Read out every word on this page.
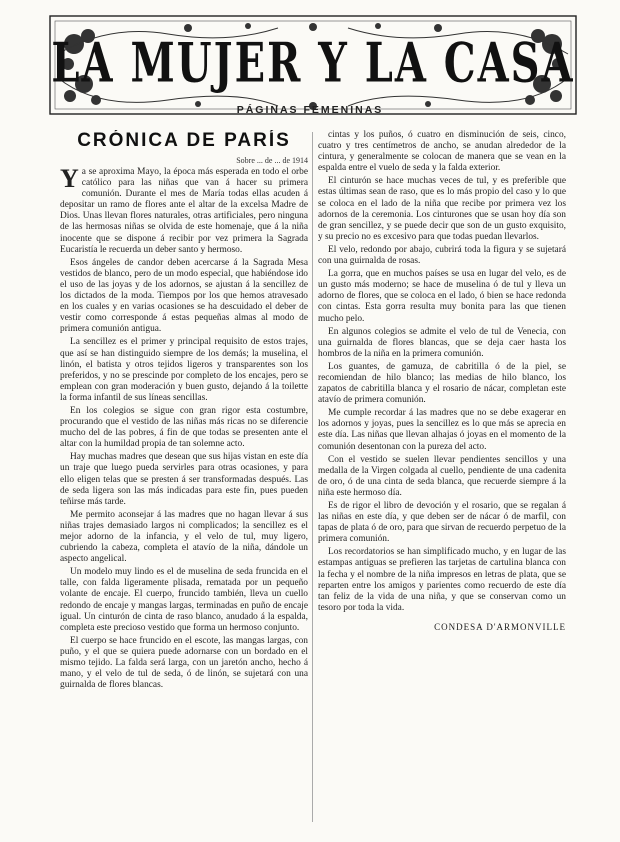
LA MUJER Y LA CASA
PÁGINAS FEMENINAS
CRÓNICA DE PARÍS
Sobre ... de ... de 1914

Ya se aproxima Mayo, la época más esperada en todo el orbe católico para las niñas que van á hacer su primera comunión. Durante el mes de María todas ellas acuden á depositar un ramo de flores ante el altar de la excelsa Madre de Dios. Unas llevan flores naturales, otras artificiales, pero ninguna de las hermosas niñas se olvida de este homenaje, que á la niña inocente que se dispone á recibir por vez primera la Sagrada Eucaristía le recuerda un deber santo y hermoso.

Esos ángeles de candor deben acercarse á la Sagrada Mesa vestidos de blanco, pero de un modo especial, que habiéndose ido el uso de las joyas y de los adornos, se ajustan á la sencillez de los dictados de la moda. Tiempos por los que hemos atravesado en los cuales y en varias ocasiones se ha descuidado el deber de vestir como corresponde á estas pequeñas almas al modo de primera comunión antigua.

La sencillez es el primer y principal requisito de estos trajes, que así se han distinguido siempre de los demás; la muselina, el linón, el batista y otros tejidos ligeros y transparentes son los preferidos, y no se prescinde por completo de los encajes, pero se emplean con gran moderación y buen gusto, dejando á la toilette la forma infantil de sus líneas sencillas.

En los colegios se sigue con gran rigor esta costumbre, procurando que el vestido de las niñas más ricas no se diferencie mucho del de las pobres, á fin de que todas se presenten ante el altar con la humildad propia de tan solemne acto.

Hay muchas madres que desean que sus hijas vistan en este día un traje que luego pueda servirles para otras ocasiones, y para ello eligen telas que se presten á ser transformadas después. Las de seda ligera son las más indicadas para este fin, pues pueden teñirse más tarde.

Me permito aconsejar á las madres que no hagan llevar á sus niñas trajes demasiado largos ni complicados; la sencillez es el mejor adorno de la infancia, y el velo de tul, muy ligero, cubriendo la cabeza, completa el atavío de la niña, dándole un aspecto angelical.

Un modelo muy lindo es el de muselina de seda fruncida en el talle, con falda ligeramente plisada, rematada por un pequeño volante de encaje. El cuerpo, fruncido también, lleva un cuello redondo de encaje y mangas largas, terminadas en puño de encaje igual. Un cinturón de cinta de raso blanco, anudado á la espalda, completa este precioso vestido que forma un hermoso conjunto.

El cuerpo se hace fruncido en el escote, las mangas largas, con puño, y el que se quiera puede adornarse con un bordado en el mismo tejido. La falda será larga, con un jaretón ancho, hecho á mano, y el velo de tul de seda, ó de linón, se sujetará con una guirnalda de flores blancas.

cintas y los puños, ó cuatro en disminución de seis, cinco, cuatro y tres centímetros de ancho, se anudan alrededor de la cintura, y generalmente se colocan de manera que se vean en la espalda entre el vuelo de seda y la falda exterior.

El cinturón se hace muchas veces de tul, y es preferible que estas últimas sean de raso, que es lo más propio del caso y lo que se coloca en el lado de la niña que recibe por primera vez los adornos de la ceremonia. Los cinturones que se usan hoy día son de gran sencillez, y se puede decir que son de un gusto exquisito, y su precio no es excesivo para que todas puedan llevarlos.

El velo, redondo por abajo, cubrirá toda la figura y se sujetará con una guirnalda de rosas.

La gorra, que en muchos países se usa en lugar del velo, es de un gusto más moderno; se hace de muselina ó de tul y lleva un adorno de flores, que se coloca en el lado, ó bien se hace redonda con cintas. Esta gorra resulta muy bonita para las que tienen mucho pelo.

En algunos colegios se admite el velo de tul de Venecia, con una guirnalda de flores blancas, que se deja caer hasta los hombros de la niña en la primera comunión.

Los guantes, de gamuza, de cabritilla ó de la piel, se recomiendan de hilo blanco; las medias de hilo blanco, los zapatos de cabritilla blanca y el rosario de nácar, completan este atavío de primera comunión.

Me cumple recordar á las madres que no se debe exagerar en los adornos y joyas, pues la sencillez es lo que más se aprecia en este día. Las niñas que llevan alhajas ó joyas en el momento de la comunión desentonan con la pureza del acto.

Con el vestido se suelen llevar pendientes sencillos y una medalla de la Virgen colgada al cuello, pendiente de una cadenita de oro, ó de una cinta de seda blanca, que recuerde siempre á la niña este hermoso día.

Es de rigor el libro de devoción y el rosario, que se regalan á las niñas en este día, y que deben ser de nácar ó de marfil, con tapas de plata ó de oro, para que sirvan de recuerdo perpetuo de la primera comunión.

Los recordatorios se han simplificado mucho, y en lugar de las estampas antiguas se prefieren las tarjetas de cartulina blanca con la fecha y el nombre de la niña impresos en letras de plata, que se reparten entre los amigos y parientes como recuerdo de este día tan feliz de la vida de una niña, y que se conservan como un tesoro por toda la vida.

CONDESA D'ARMONVILLE
